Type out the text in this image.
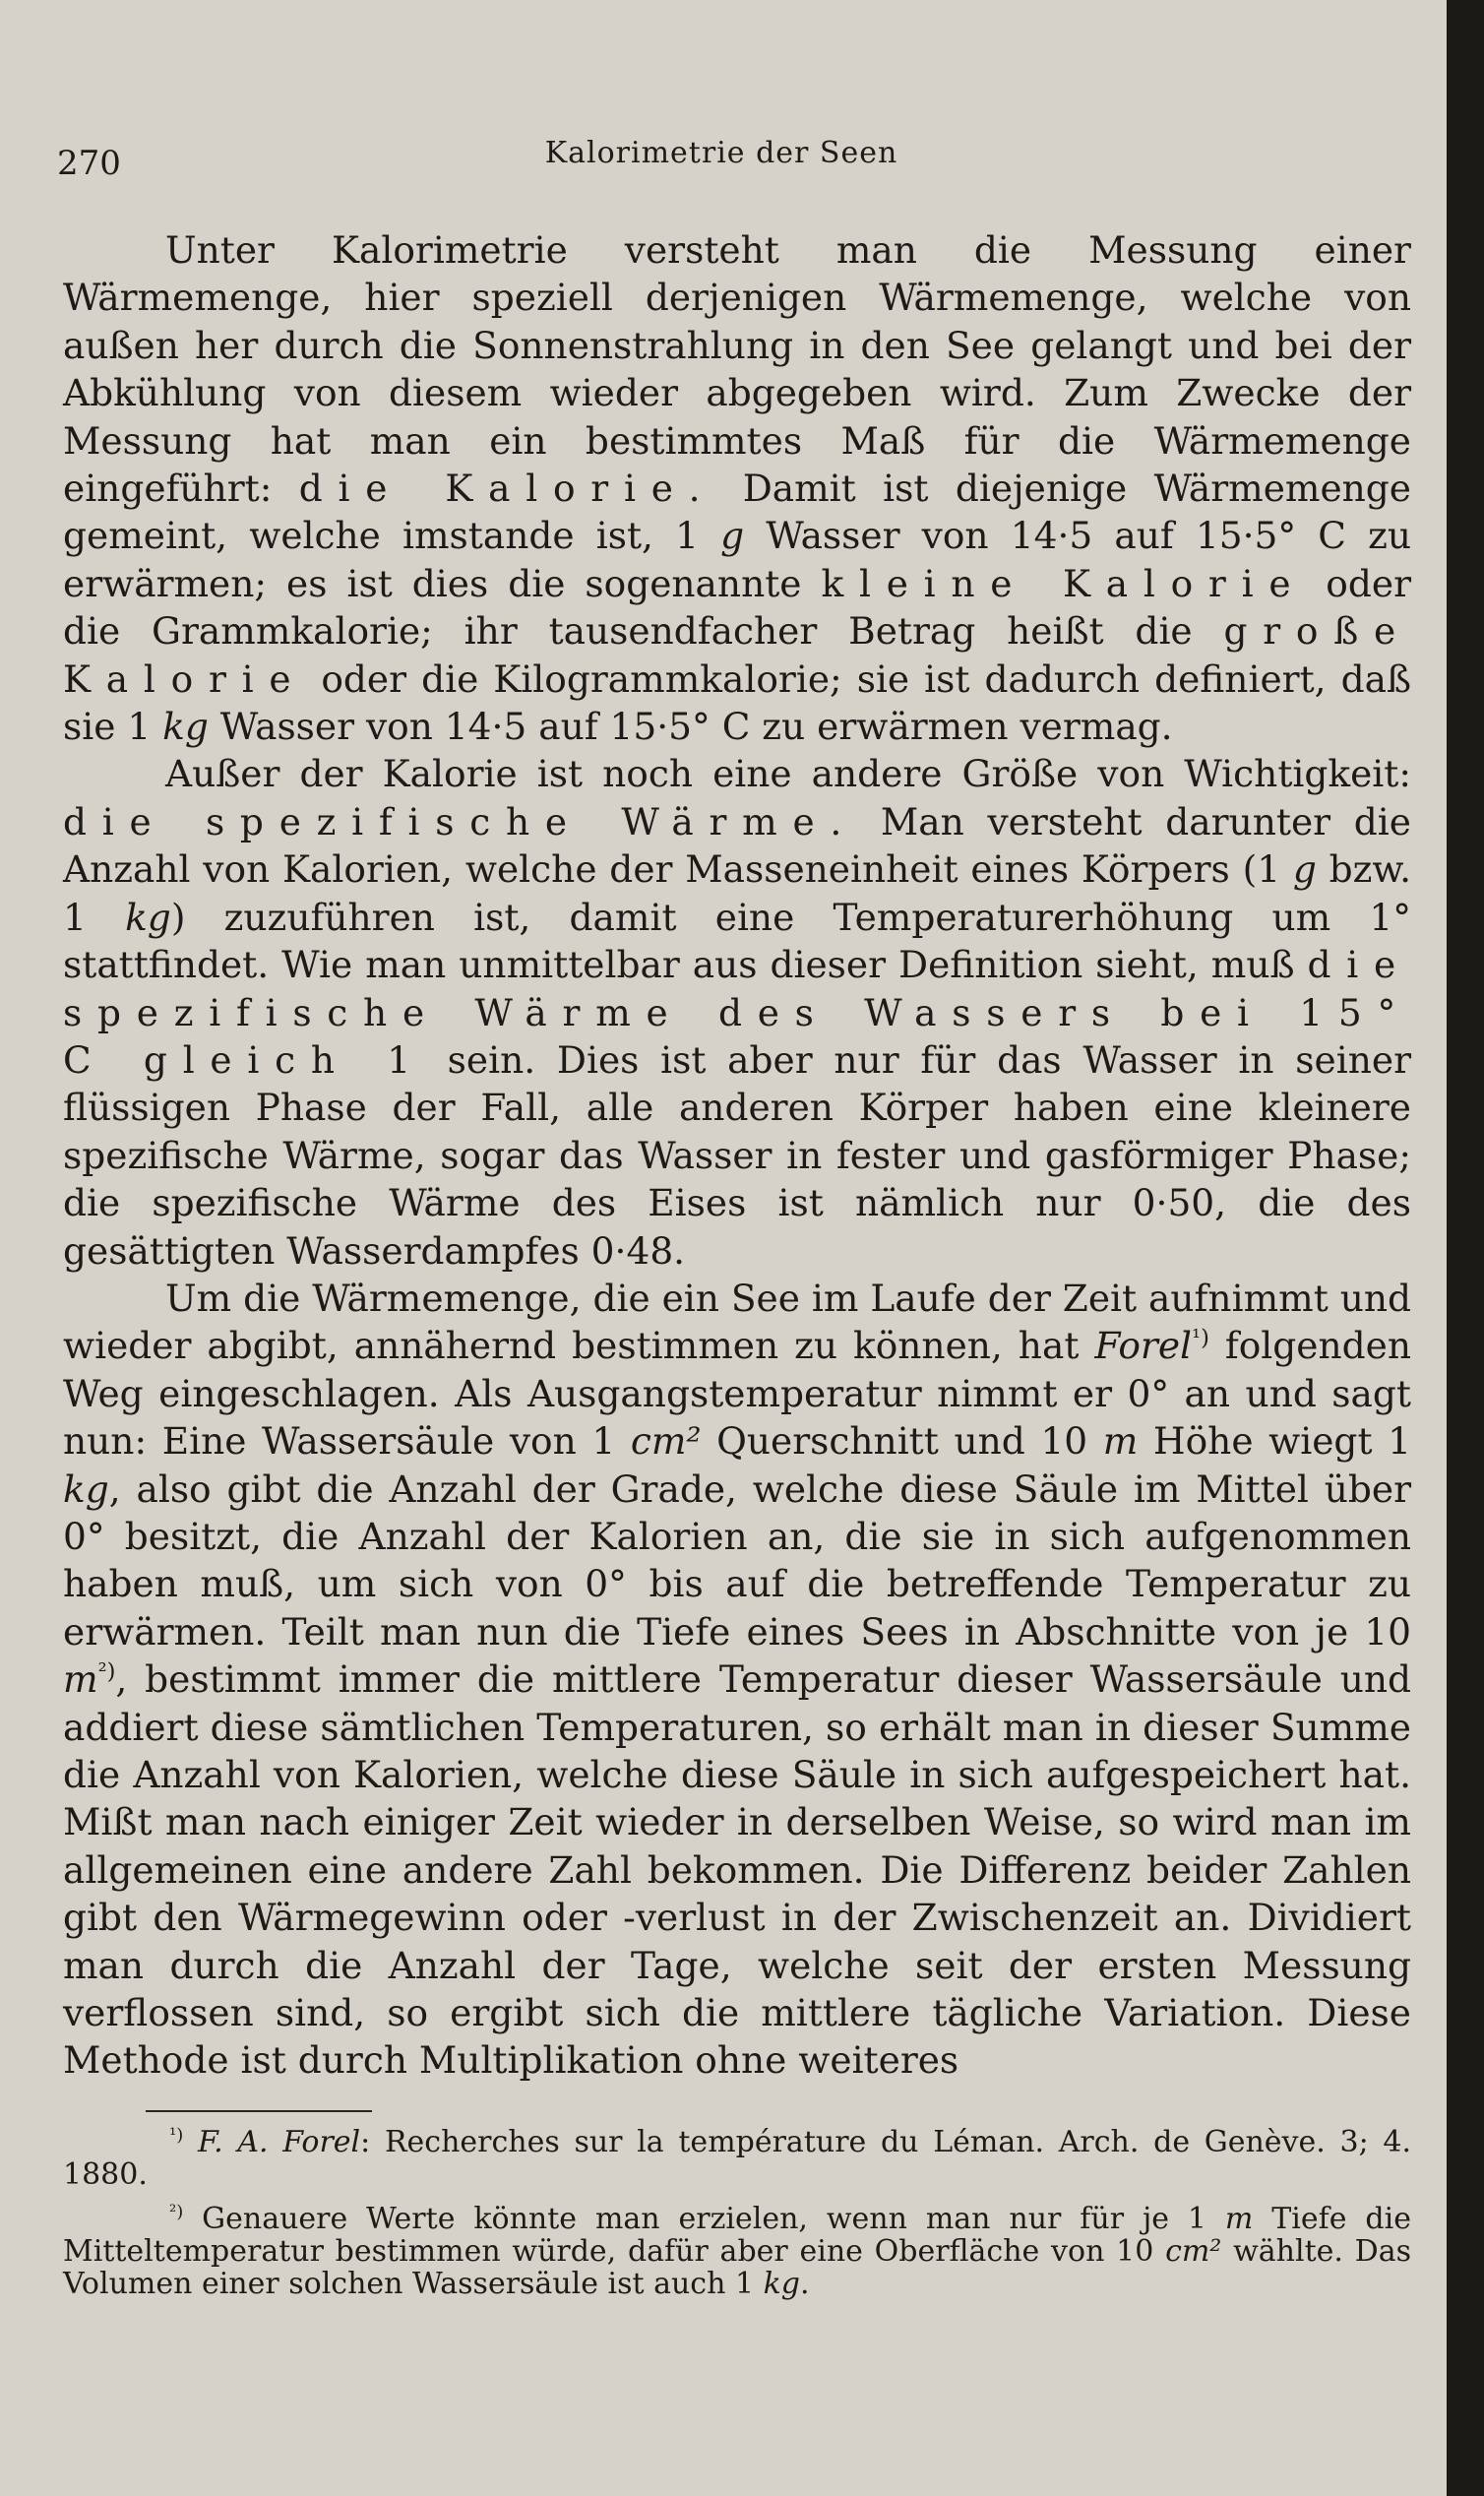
270	Kalorimetrie der Seen

Unter Kalorimetrie versteht man die Messung einer Wärmemenge, hier speziell derjenigen Wärmemenge, welche von außen her durch die Sonnenstrahlung in den See gelangt und bei der Abkühlung von diesem wieder abgegeben wird. Zum Zwecke der Messung hat man ein bestimmtes Maß für die Wärmemenge eingeführt: die Kalorie. Damit ist diejenige Wärmemenge gemeint, welche imstande ist, 1 g Wasser von 14·5 auf 15·5° C zu erwärmen; es ist dies die sogenannte kleine Kalorie oder die Grammkalorie; ihr tausendfacher Betrag heißt die große Kalorie oder die Kilogrammkalorie; sie ist dadurch definiert, daß sie 1 kg Wasser von 14·5 auf 15·5° C zu erwärmen vermag.

Außer der Kalorie ist noch eine andere Größe von Wichtigkeit: die spezifische Wärme. Man versteht darunter die Anzahl von Kalorien, welche der Masseneinheit eines Körpers (1 g bzw. 1 kg) zuzuführen ist, damit eine Temperaturerhöhung um 1° stattfindet. Wie man unmittelbar aus dieser Definition sieht, muß die spezifische Wärme des Wassers bei 15° C gleich 1 sein. Dies ist aber nur für das Wasser in seiner flüssigen Phase der Fall, alle anderen Körper haben eine kleinere spezifische Wärme, sogar das Wasser in fester und gasförmiger Phase; die spezifische Wärme des Eises ist nämlich nur 0·50, die des gesättigten Wasserdampfes 0·48.

Um die Wärmemenge, die ein See im Laufe der Zeit aufnimmt und wieder abgibt, annähernd bestimmen zu können, hat Forel$^{^1)}$ folgenden Weg eingeschlagen. Als Ausgangstemperatur nimmt er 0° an und sagt nun: Eine Wassersäule von 1 cm² Querschnitt und 10 m Höhe wiegt 1 kg, also gibt die Anzahl der Grade, welche diese Säule im Mittel über 0° besitzt, die Anzahl der Kalorien an, die sie in sich aufgenommen haben muß, um sich von 0° bis auf die betreffende Temperatur zu erwärmen. Teilt man nun die Tiefe eines Sees in Abschnitte von je 10 $m^{^2)}$, bestimmt immer die mittlere Temperatur dieser Wassersäule und addiert diese sämtlichen Temperaturen, so erhält man in dieser Summe die Anzahl von Kalorien, welche diese Säule in sich aufgespeichert hat. Mißt man nach einiger Zeit wieder in derselben Weise, so wird man im allgemeinen eine andere Zahl bekommen. Die Differenz beider Zahlen gibt den Wärmegewinn oder -verlust in der Zwischenzeit an. Dividiert man durch die Anzahl der Tage, welche seit der ersten Messung verflossen sind, so ergibt sich die mittlere tägliche Variation. Diese Methode ist durch Multiplikation ohne weiteres

$^{^1)}$ F. A. Forel: Recherches sur la température du Léman. Arch. de Genève. 3; 4. 1880.

$^{^2)}$ Genauere Werte könnte man erzielen, wenn man nur für je 1 m Tiefe die Mitteltemperatur bestimmen würde, dafür aber eine Oberfläche von 10 cm² wählte. Das Volumen einer solchen Wassersäule ist auch 1 kg.
